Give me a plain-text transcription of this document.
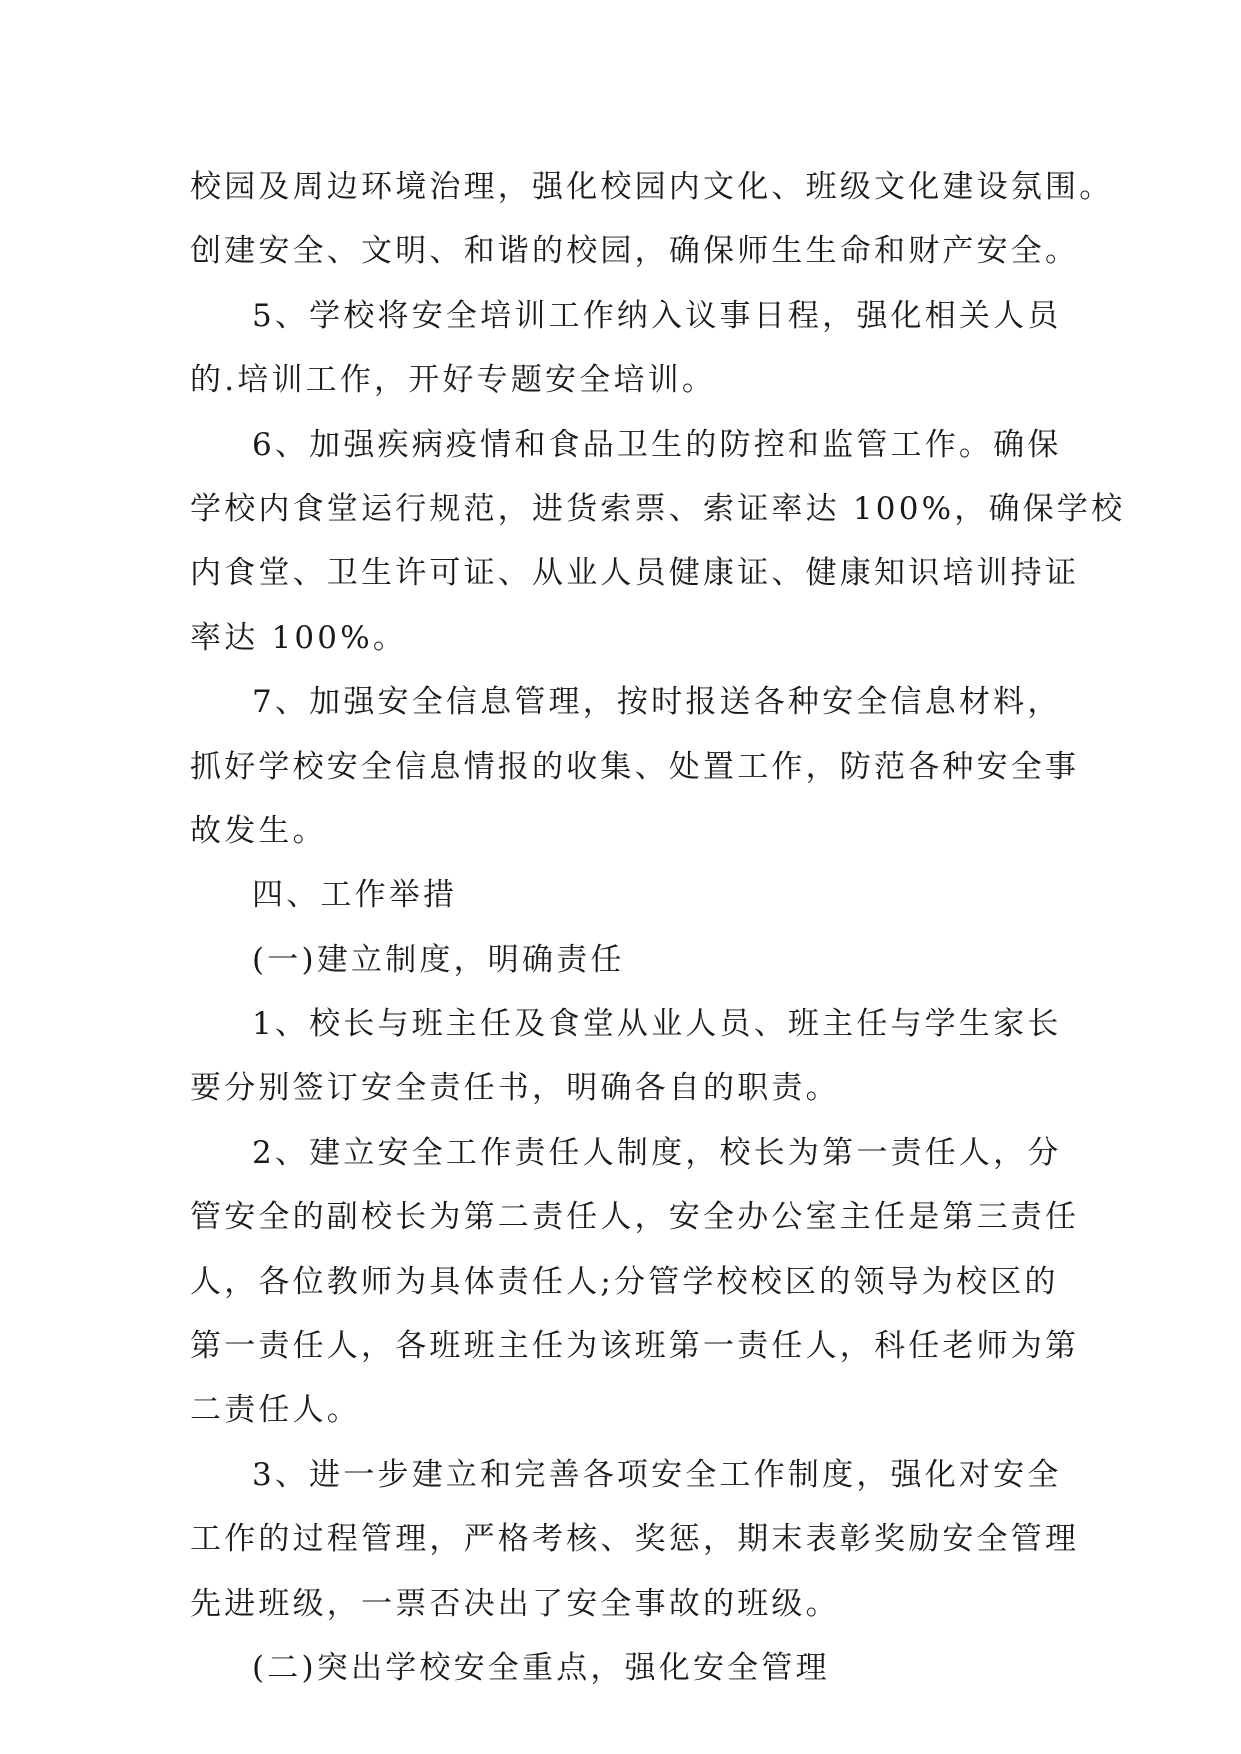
校园及周边环境治理，强化校园内文化、班级文化建设氛围。
创建安全、文明、和谐的校园，确保师生生命和财产安全。
5、学校将安全培训工作纳入议事日程，强化相关人员
的.培训工作，开好专题安全培训。
6、加强疾病疫情和食品卫生的防控和监管工作。确保
学校内食堂运行规范，进货索票、索证率达 100%，确保学校
内食堂、卫生许可证、从业人员健康证、健康知识培训持证
率达 100%。
7、加强安全信息管理，按时报送各种安全信息材料，
抓好学校安全信息情报的收集、处置工作，防范各种安全事
故发生。
四、工作举措
(一)建立制度，明确责任
1、校长与班主任及食堂从业人员、班主任与学生家长
要分别签订安全责任书，明确各自的职责。
2、建立安全工作责任人制度，校长为第一责任人，分
管安全的副校长为第二责任人，安全办公室主任是第三责任
人，各位教师为具体责任人;分管学校校区的领导为校区的
第一责任人，各班班主任为该班第一责任人，科任老师为第
二责任人。
3、进一步建立和完善各项安全工作制度，强化对安全
工作的过程管理，严格考核、奖惩，期末表彰奖励安全管理
先进班级，一票否决出了安全事故的班级。
(二)突出学校安全重点，强化安全管理
